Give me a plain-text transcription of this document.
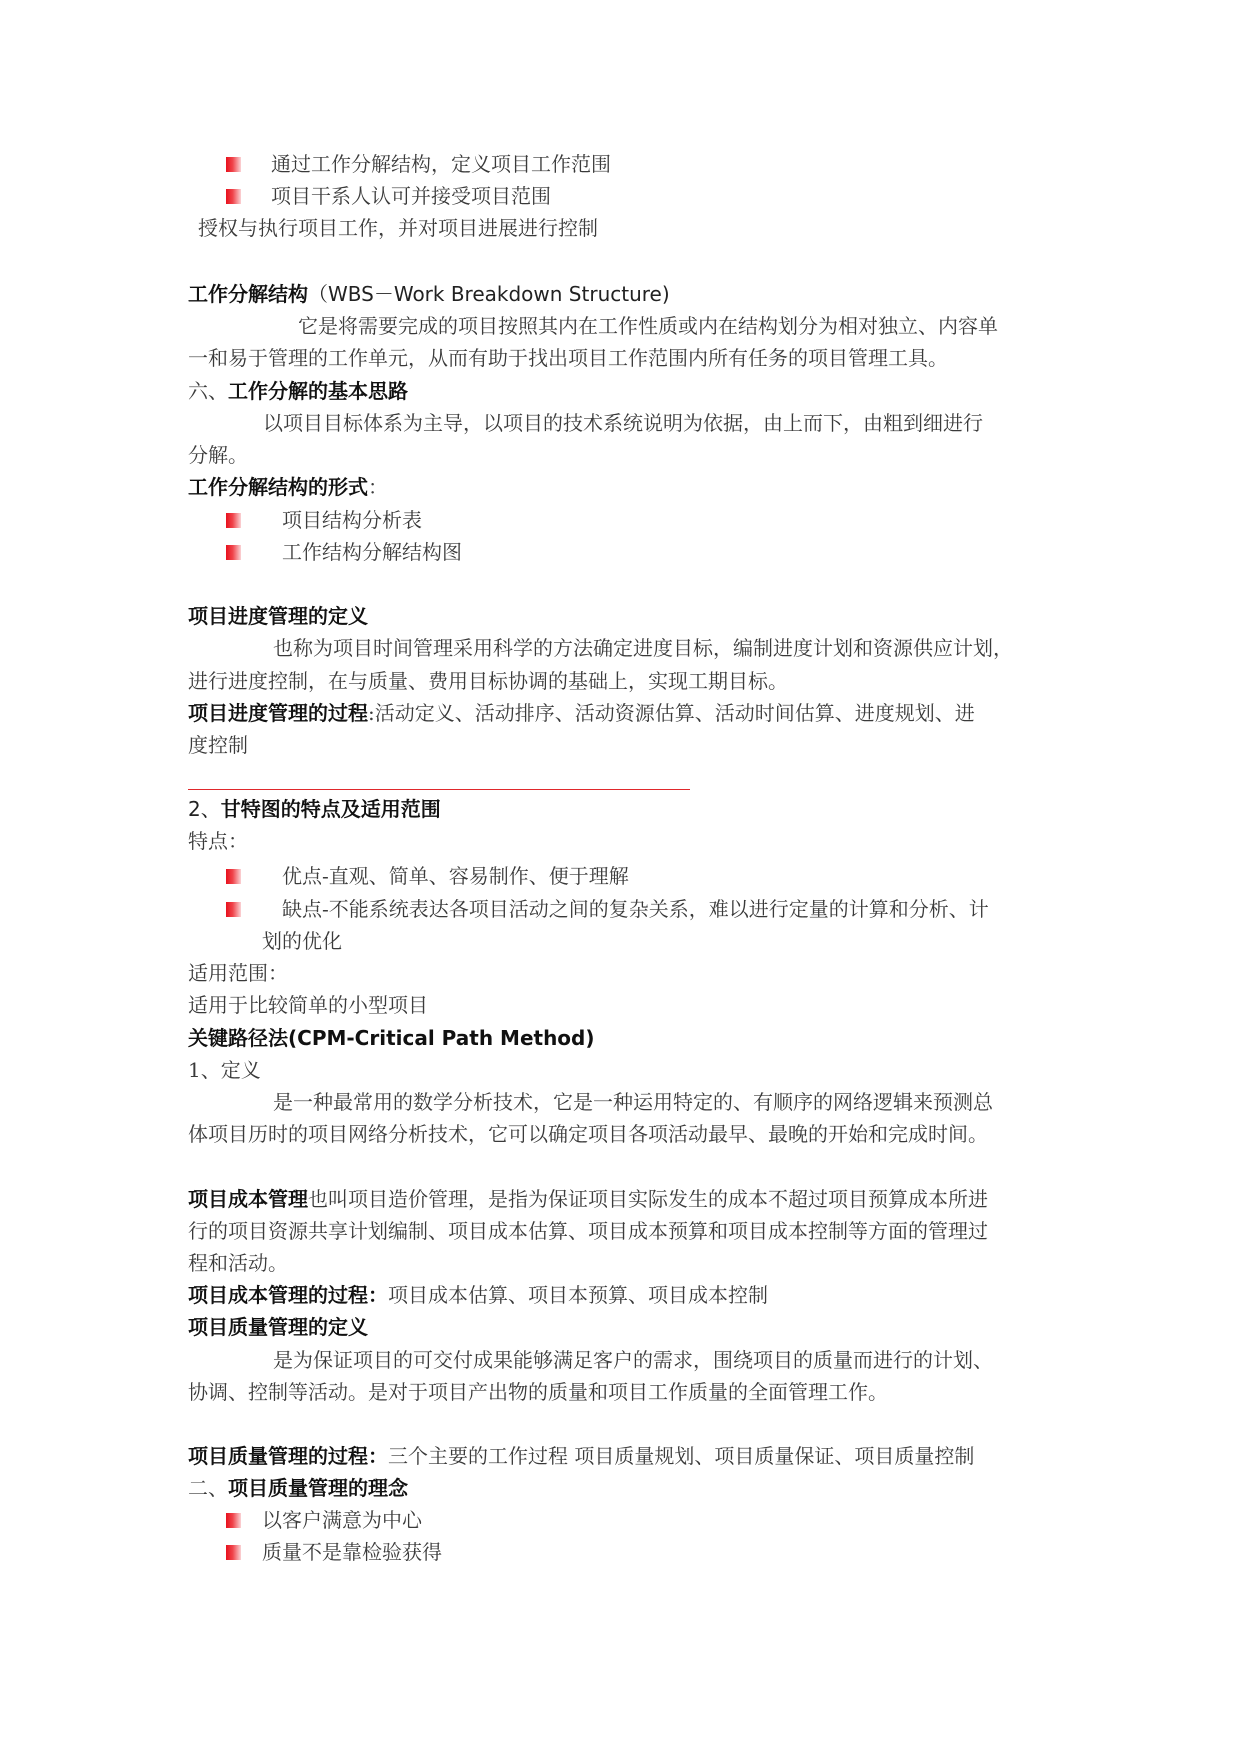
通过工作分解结构，定义项目工作范围
项目干系人认可并接受项目范围
授权与执行项目工作，并对项目进展进行控制
工作分解结构（WBS－Work Breakdown Structure)
它是将需要完成的项目按照其内在工作性质或内在结构划分为相对独立、内容单
一和易于管理的工作单元，从而有助于找出项目工作范围内所有任务的项目管理工具。
六、工作分解的基本思路
以项目目标体系为主导，以项目的技术系统说明为依据，由上而下，由粗到细进行
分解。
工作分解结构的形式：
项目结构分析表
工作结构分解结构图
项目进度管理的定义
也称为项目时间管理采用科学的方法确定进度目标，编制进度计划和资源供应计划，
进行进度控制，在与质量、费用目标协调的基础上，实现工期目标。
项目进度管理的过程:活动定义、活动排序、活动资源估算、活动时间估算、进度规划、进
度控制
2、甘特图的特点及适用范围
特点：
优点-直观、简单、容易制作、便于理解
缺点-不能系统表达各项目活动之间的复杂关系，难以进行定量的计算和分析、计
划的优化
适用范围：
适用于比较简单的小型项目
关键路径法(CPM-Critical Path Method)
1、定义
是一种最常用的数学分析技术，它是一种运用特定的、有顺序的网络逻辑来预测总
体项目历时的项目网络分析技术，它可以确定项目各项活动最早、最晚的开始和完成时间。
项目成本管理也叫项目造价管理，是指为保证项目实际发生的成本不超过项目预算成本所进
行的项目资源共享计划编制、项目成本估算、项目成本预算和项目成本控制等方面的管理过
程和活动。
项目成本管理的过程：项目成本估算、项目本预算、项目成本控制
项目质量管理的定义
是为保证项目的可交付成果能够满足客户的需求，围绕项目的质量而进行的计划、
协调、控制等活动。是对于项目产出物的质量和项目工作质量的全面管理工作。
项目质量管理的过程：三个主要的工作过程 项目质量规划、项目质量保证、项目质量控制
二、项目质量管理的理念
以客户满意为中心
质量不是靠检验获得
